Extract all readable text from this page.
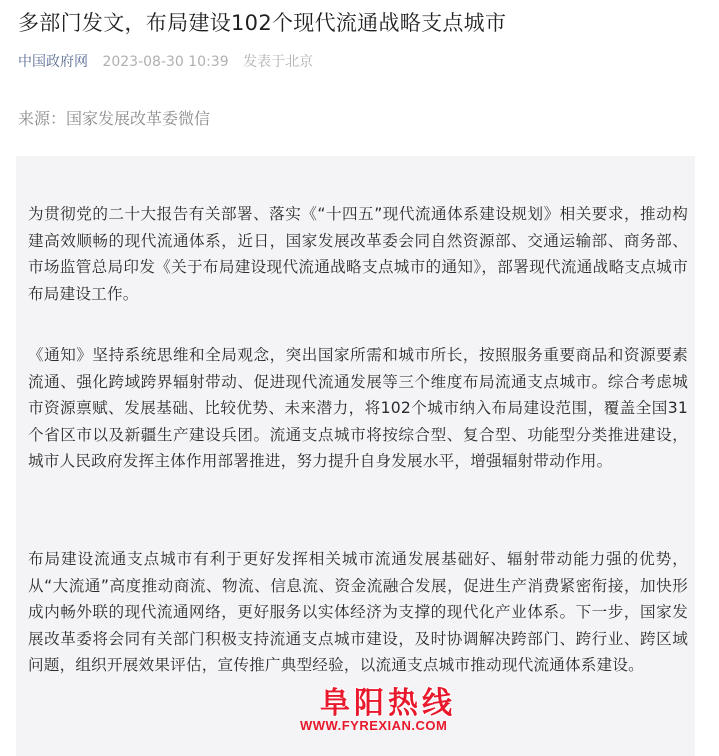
多部门发文，布局建设102个现代流通战略支点城市
中国政府网 2023-08-30 10:39 发表于北京
来源：国家发展改革委微信

为贯彻党的二十大报告有关部署、落实《“十四五”现代流通体系建设规划》相关要求，推动构建高效顺畅的现代流通体系，近日，国家发展改革委会同自然资源部、交通运输部、商务部、市场监管总局印发《关于布局建设现代流通战略支点城市的通知》，部署现代流通战略支点城市布局建设工作。

《通知》坚持系统思维和全局观念，突出国家所需和城市所长，按照服务重要商品和资源要素流通、强化跨域跨界辐射带动、促进现代流通发展等三个维度布局流通支点城市。综合考虑城市资源禀赋、发展基础、比较优势、未来潜力，将102个城市纳入布局建设范围，覆盖全国31个省区市以及新疆生产建设兵团。流通支点城市将按综合型、复合型、功能型分类推进建设，城市人民政府发挥主体作用部署推进，努力提升自身发展水平，增强辐射带动作用。

布局建设流通支点城市有利于更好发挥相关城市流通发展基础好、辐射带动能力强的优势，从“大流通”高度推动商流、物流、信息流、资金流融合发展，促进生产消费紧密衔接，加快形成内畅外联的现代流通网络，更好服务以实体经济为支撑的现代化产业体系。下一步，国家发展改革委将会同有关部门积极支持流通支点城市建设，及时协调解决跨部门、跨行业、跨区域问题，组织开展效果评估，宣传推广典型经验，以流通支点城市推动现代流通体系建设。

阜阳热线
WWW.FYREXIAN.COM
